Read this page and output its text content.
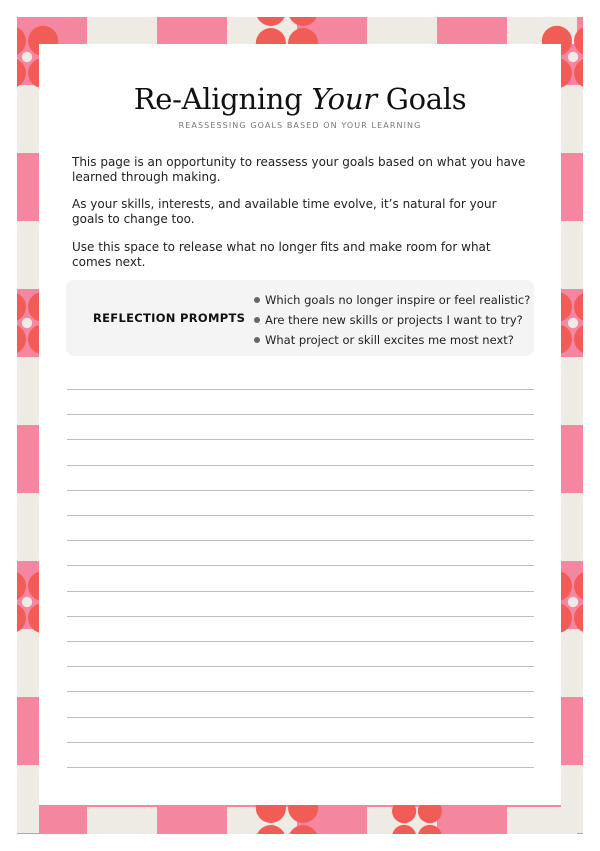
Re-Aligning Your Goals
REASSESSING GOALS BASED ON YOUR LEARNING

This page is an opportunity to reassess your goals based on what you have learned through making.

As your skills, interests, and available time evolve, it’s natural for your goals to change too.

Use this space to release what no longer fits and make room for what comes next.

REFLECTION PROMPTS
Which goals no longer inspire or feel realistic?
Are there new skills or projects I want to try?
What project or skill excites me most next?
